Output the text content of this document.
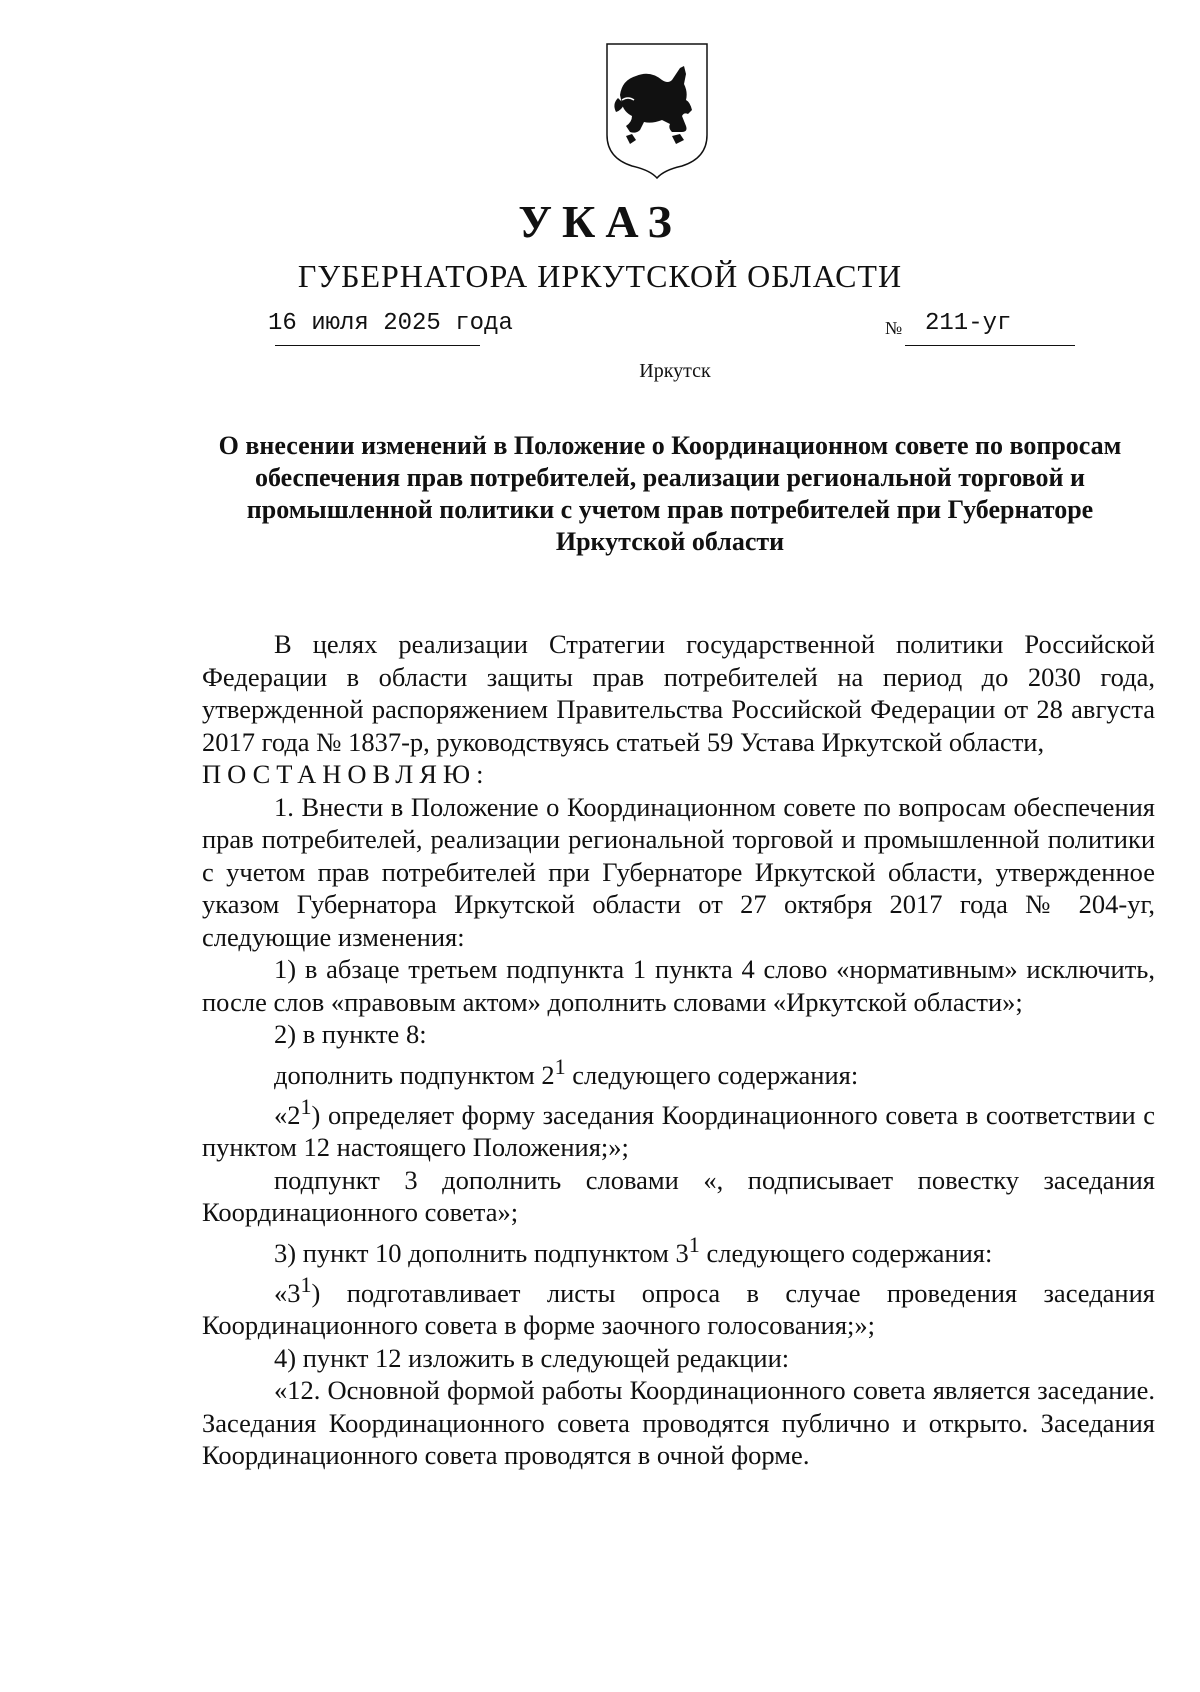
УКАЗ
ГУБЕРНАТОРА ИРКУТСКОЙ ОБЛАСТИ
16 июля 2025 года	№ 211-уг
Иркутск
О внесении изменений в Положение о Координационном совете по вопросам обеспечения прав потребителей, реализации региональной торговой и промышленной политики с учетом прав потребителей при Губернаторе Иркутской области

В целях реализации Стратегии государственной политики Российской Федерации в области защиты прав потребителей на период до 2030 года, утвержденной распоряжением Правительства Российской Федерации от 28 августа 2017 года № 1837-р, руководствуясь статьей 59 Устава Иркутской области,

ПОСТАНОВЛЯЮ:

1. Внести в Положение о Координационном совете по вопросам обеспечения прав потребителей, реализации региональной торговой и промышленной политики с учетом прав потребителей при Губернаторе Иркутской области, утвержденное указом Губернатора Иркутской области от 27 октября 2017 года № 204-уг, следующие изменения:

1) в абзаце третьем подпункта 1 пункта 4 слово «нормативным» исключить, после слов «правовым актом» дополнить словами «Иркутской области»;

2) в пункте 8:

дополнить подпунктом $2^1$ следующего содержания:

«$2^1$) определяет форму заседания Координационного совета в соответствии с пунктом 12 настоящего Положения;»;

подпункт 3 дополнить словами «, подписывает повестку заседания Координационного совета»;

3) пункт 10 дополнить подпунктом $3^1$ следующего содержания:

«$3^1$) подготавливает листы опроса в случае проведения заседания Координационного совета в форме заочного голосования;»;

4) пункт 12 изложить в следующей редакции:

«12. Основной формой работы Координационного совета является заседание. Заседания Координационного совета проводятся публично и открыто. Заседания Координационного совета проводятся в очной форме.
